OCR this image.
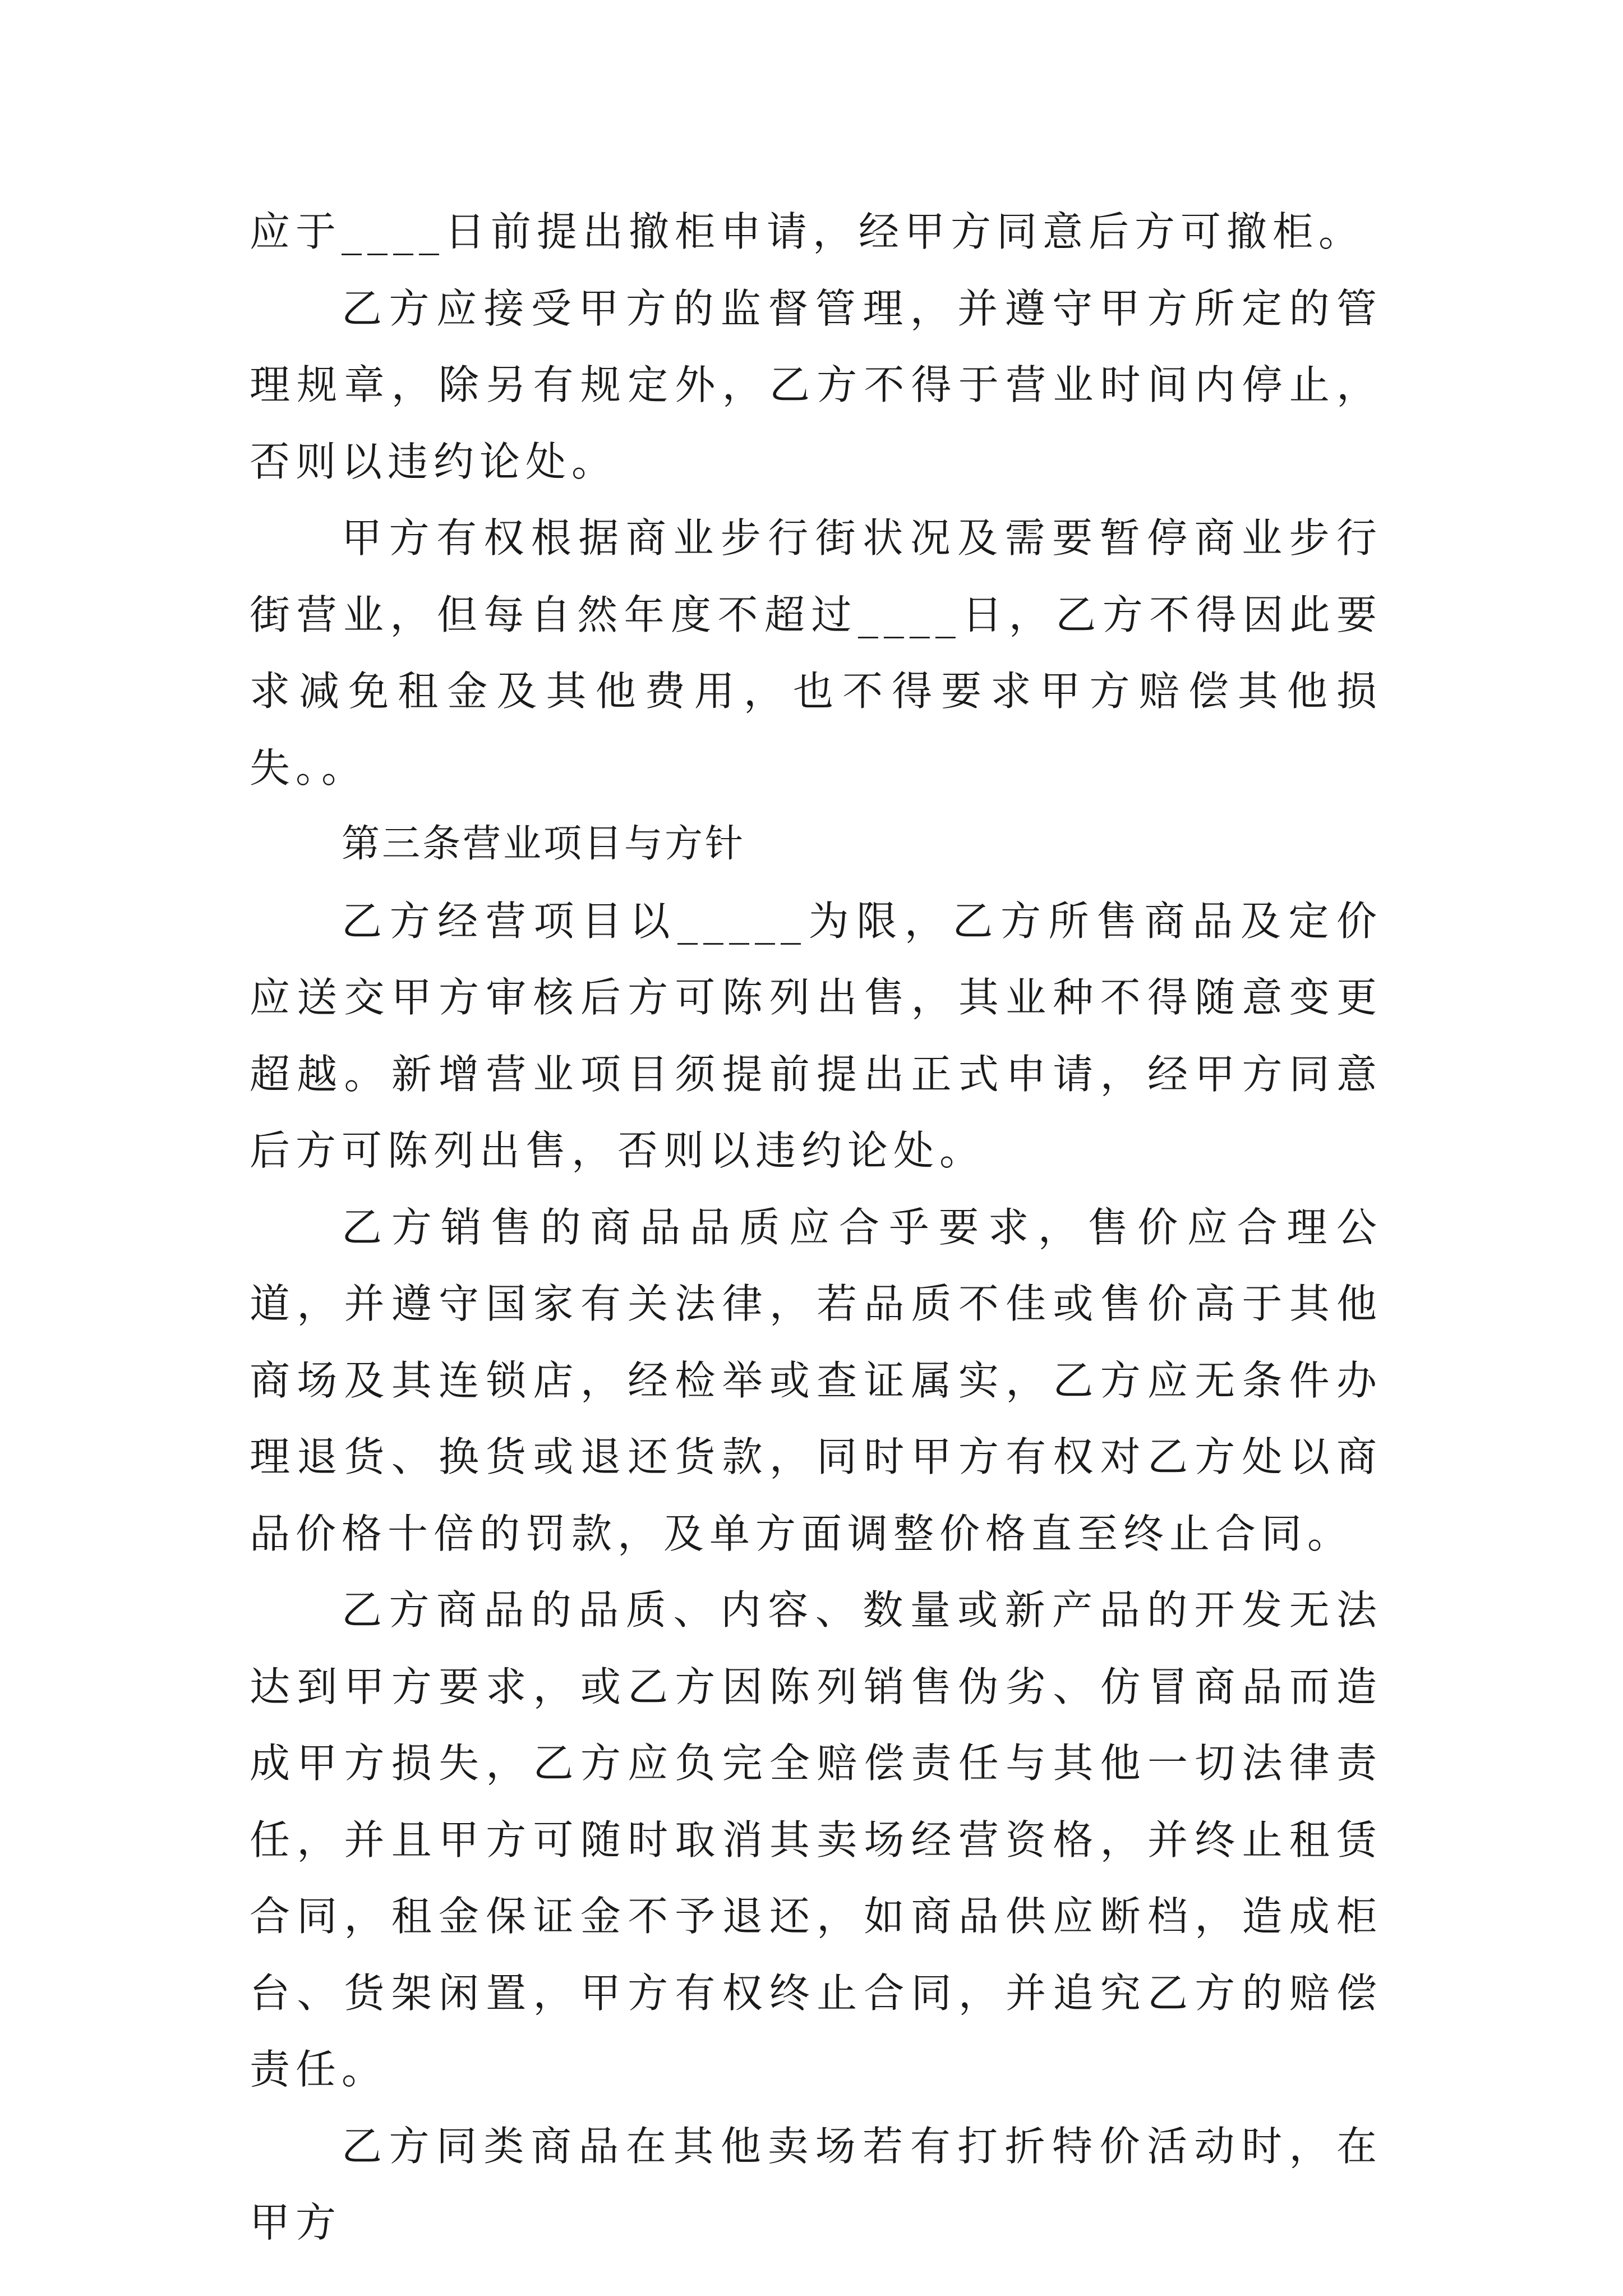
应于____日前提出撤柜申请，经甲方同意后方可撤柜。

乙方应接受甲方的监督管理，并遵守甲方所定的管理规章，除另有规定外，乙方不得于营业时间内停止，否则以违约论处。

甲方有权根据商业步行街状况及需要暂停商业步行街营业，但每自然年度不超过____日，乙方不得因此要求减免租金及其他费用，也不得要求甲方赔偿其他损失。。

第三条营业项目与方针

乙方经营项目以_____为限，乙方所售商品及定价应送交甲方审核后方可陈列出售，其业种不得随意变更超越。新增营业项目须提前提出正式申请，经甲方同意后方可陈列出售，否则以违约论处。

乙方销售的商品品质应合乎要求，售价应合理公道，并遵守国家有关法律，若品质不佳或售价高于其他商场及其连锁店，经检举或查证属实，乙方应无条件办理退货、换货或退还货款，同时甲方有权对乙方处以商品价格十倍的罚款，及单方面调整价格直至终止合同。

乙方商品的品质、内容、数量或新产品的开发无法达到甲方要求，或乙方因陈列销售伪劣、仿冒商品而造成甲方损失，乙方应负完全赔偿责任与其他一切法律责任，并且甲方可随时取消其卖场经营资格，并终止租赁合同，租金保证金不予退还，如商品供应断档，造成柜台、货架闲置，甲方有权终止合同，并追究乙方的赔偿责任。

乙方同类商品在其他卖场若有打折特价活动时，在甲方
